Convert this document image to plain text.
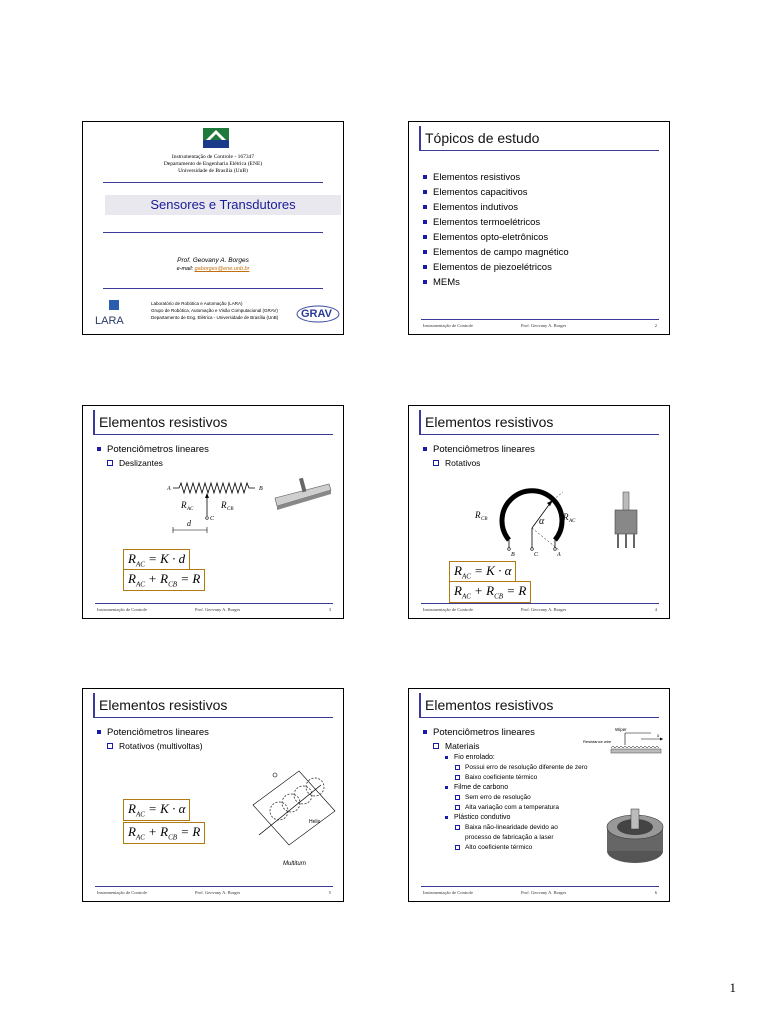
Instrumentação de Controle - 167347
Departamento de Engenharia Elétrica (ENE)
Universidade de Brasília (UnB)
Sensores e Transdutores
Prof. Geovany A. Borges
e-mail: gaborges@ene.unb.br
LARA
Laboratório de Robótica e Automação (LARA)
Grupo de Robótica, Automação e Visão Computacional (GRAV)
Departamento de Eng. Elétrica - Universidade de Brasília (UnB) GRAV
Tópicos de estudo
Elementos resistivos
Elementos capacitivos
Elementos indutivos
Elementos termoelétricos
Elementos opto-eletrônicos
Elementos de campo magnético
Elementos de piezoelétricos
MEMs
Instrumentação de Controle	Prof. Geovany A. Borges	2
Elementos resistivos
Potenciômetros lineares
Deslizantes
A	B
C
R AC	R CB
d
$R_{AC} = K \cdot d$
$R_{AC} + R_{CB} = R$
Instrumentação de Controle	Prof. Geovany A. Borges	3
Elementos resistivos
Potenciômetros lineares
Rotativos
α
B	C	A
R CB	R AC
$R_{AC} = K \cdot \alpha$
$R_{AC} + R_{CB} = R$
Instrumentação de Controle	Prof. Geovany A. Borges	4
Elementos resistivos
Potenciômetros lineares
Rotativos (multivoltas)
Helix
Multiturn
$R_{AC} = K \cdot \alpha$
$R_{AC} + R_{CB} = R$
Instrumentação de Controle	Prof. Geovany A. Borges	5
Elementos resistivos
Potenciômetros lineares
Materiais
Fio enrolado:
Possui erro de resolução diferente de zero
Baixo coeficiente térmico
Filme de carbono
Sem erro de resolução
Alta variação com a temperatura
Plástico condutivo
Baixa não-linearidade devido ao
processo de fabricação a laser
Alto coeficiente térmico
Resistance wire
Wiper
x
Instrumentação de Controle	Prof. Geovany A. Borges	6
1
